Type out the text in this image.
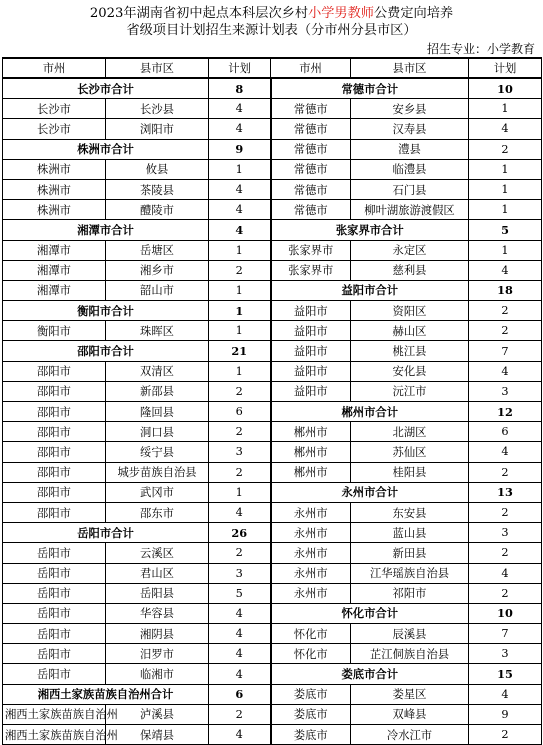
2023年湖南省初中起点本科层次乡村小学男教师公费定向培养
省级项目计划招生来源计划表（分市州分县市区）
招生专业：小学教育
市州	县市区	计划	市州	县市区	计划
长沙市合计		8	常德市合计		10
长沙市	长沙县	4	常德市	安乡县	1
长沙市	浏阳市	4	常德市	汉寿县	4
株洲市合计		9	常德市	澧县	2
株洲市	攸县	1	常德市	临澧县	1
株洲市	茶陵县	4	常德市	石门县	1
株洲市	醴陵市	4	常德市	柳叶湖旅游渡假区	1
湘潭市合计		4	张家界市合计		5
湘潭市	岳塘区	1	张家界市	永定区	1
湘潭市	湘乡市	2	张家界市	慈利县	4
湘潭市	韶山市	1	益阳市合计		18
衡阳市合计		1	益阳市	资阳区	2
衡阳市	珠晖区	1	益阳市	赫山区	2
邵阳市合计		21	益阳市	桃江县	7
邵阳市	双清区	1	益阳市	安化县	4
邵阳市	新邵县	2	益阳市	沅江市	3
邵阳市	隆回县	6	郴州市合计		12
邵阳市	洞口县	2	郴州市	北湖区	6
邵阳市	绥宁县	3	郴州市	苏仙区	4
邵阳市	城步苗族自治县	2	郴州市	桂阳县	2
邵阳市	武冈市	1	永州市合计		13
邵阳市	邵东市	4	永州市	东安县	2
岳阳市合计		26	永州市	蓝山县	3
岳阳市	云溪区	2	永州市	新田县	2
岳阳市	君山区	3	永州市	江华瑶族自治县	4
岳阳市	岳阳县	5	永州市	祁阳市	2
岳阳市	华容县	4	怀化市合计		10
岳阳市	湘阴县	4	怀化市	辰溪县	7
岳阳市	汨罗市	4	怀化市	芷江侗族自治县	3
岳阳市	临湘市	4	娄底市合计		15
湘西土家族苗族自治州合计		6	娄底市	娄星区	4
湘西土家族苗族自治州	泸溪县	2	娄底市	双峰县	9
湘西土家族苗族自治州	保靖县	4	娄底市	冷水江市	2
